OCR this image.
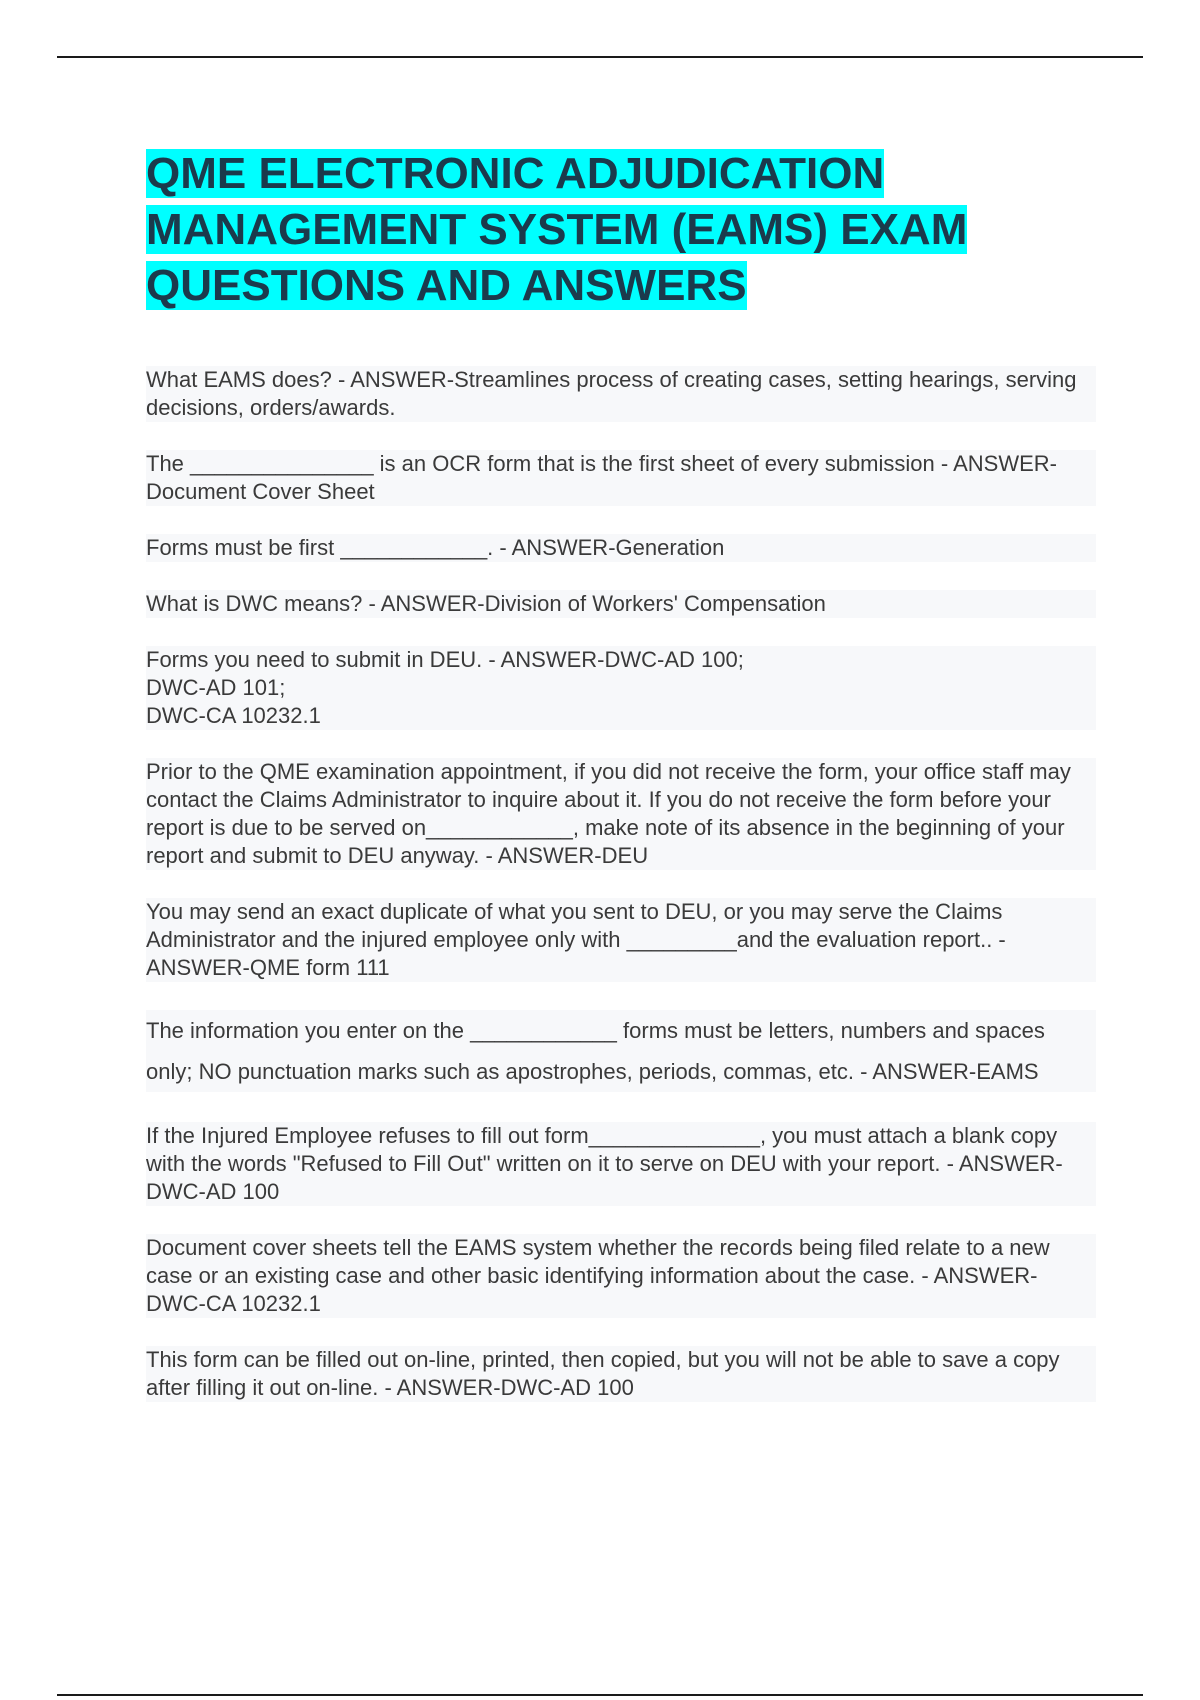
QME ELECTRONIC ADJUDICATION MANAGEMENT SYSTEM (EAMS) EXAM QUESTIONS AND ANSWERS

What EAMS does? - ANSWER-Streamlines process of creating cases, setting hearings, serving decisions, orders/awards.

The _______________ is an OCR form that is the first sheet of every submission - ANSWER-Document Cover Sheet

Forms must be first ____________. - ANSWER-Generation

What is DWC means? - ANSWER-Division of Workers' Compensation

Forms you need to submit in DEU. - ANSWER-DWC-AD 100;
DWC-AD 101;
DWC-CA 10232.1

Prior to the QME examination appointment, if you did not receive the form, your office staff may contact the Claims Administrator to inquire about it. If you do not receive the form before your report is due to be served on____________, make note of its absence in the beginning of your report and submit to DEU anyway. - ANSWER-DEU

You may send an exact duplicate of what you sent to DEU, or you may serve the Claims Administrator and the injured employee only with _________and the evaluation report.. - ANSWER-QME form 111

The information you enter on the ____________ forms must be letters, numbers and spaces only; NO punctuation marks such as apostrophes, periods, commas, etc. - ANSWER-EAMS

If the Injured Employee refuses to fill out form______________, you must attach a blank copy with the words "Refused to Fill Out" written on it to serve on DEU with your report. - ANSWER-DWC-AD 100

Document cover sheets tell the EAMS system whether the records being filed relate to a new case or an existing case and other basic identifying information about the case. - ANSWER-DWC-CA 10232.1

This form can be filled out on-line, printed, then copied, but you will not be able to save a copy after filling it out on-line. - ANSWER-DWC-AD 100
